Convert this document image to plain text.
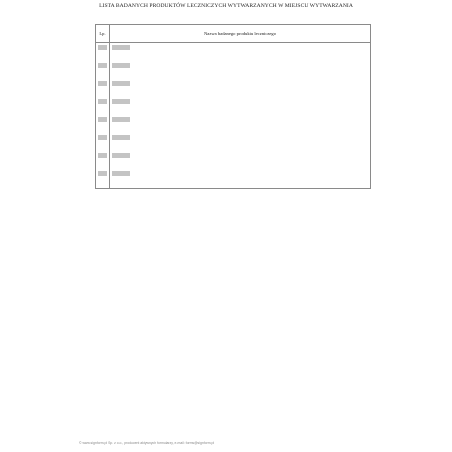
LISTA BADANYCH PRODUKTÓW LECZNICZYCH WYTWARZANYCH W MIEJSCU WYTWARZANIA
Lp.	Nazwa badanego produktu leczniczego
© www.signform.pl Sp. z o.o., producent aktywnych formularzy, e-mail: forms@signform.pl
